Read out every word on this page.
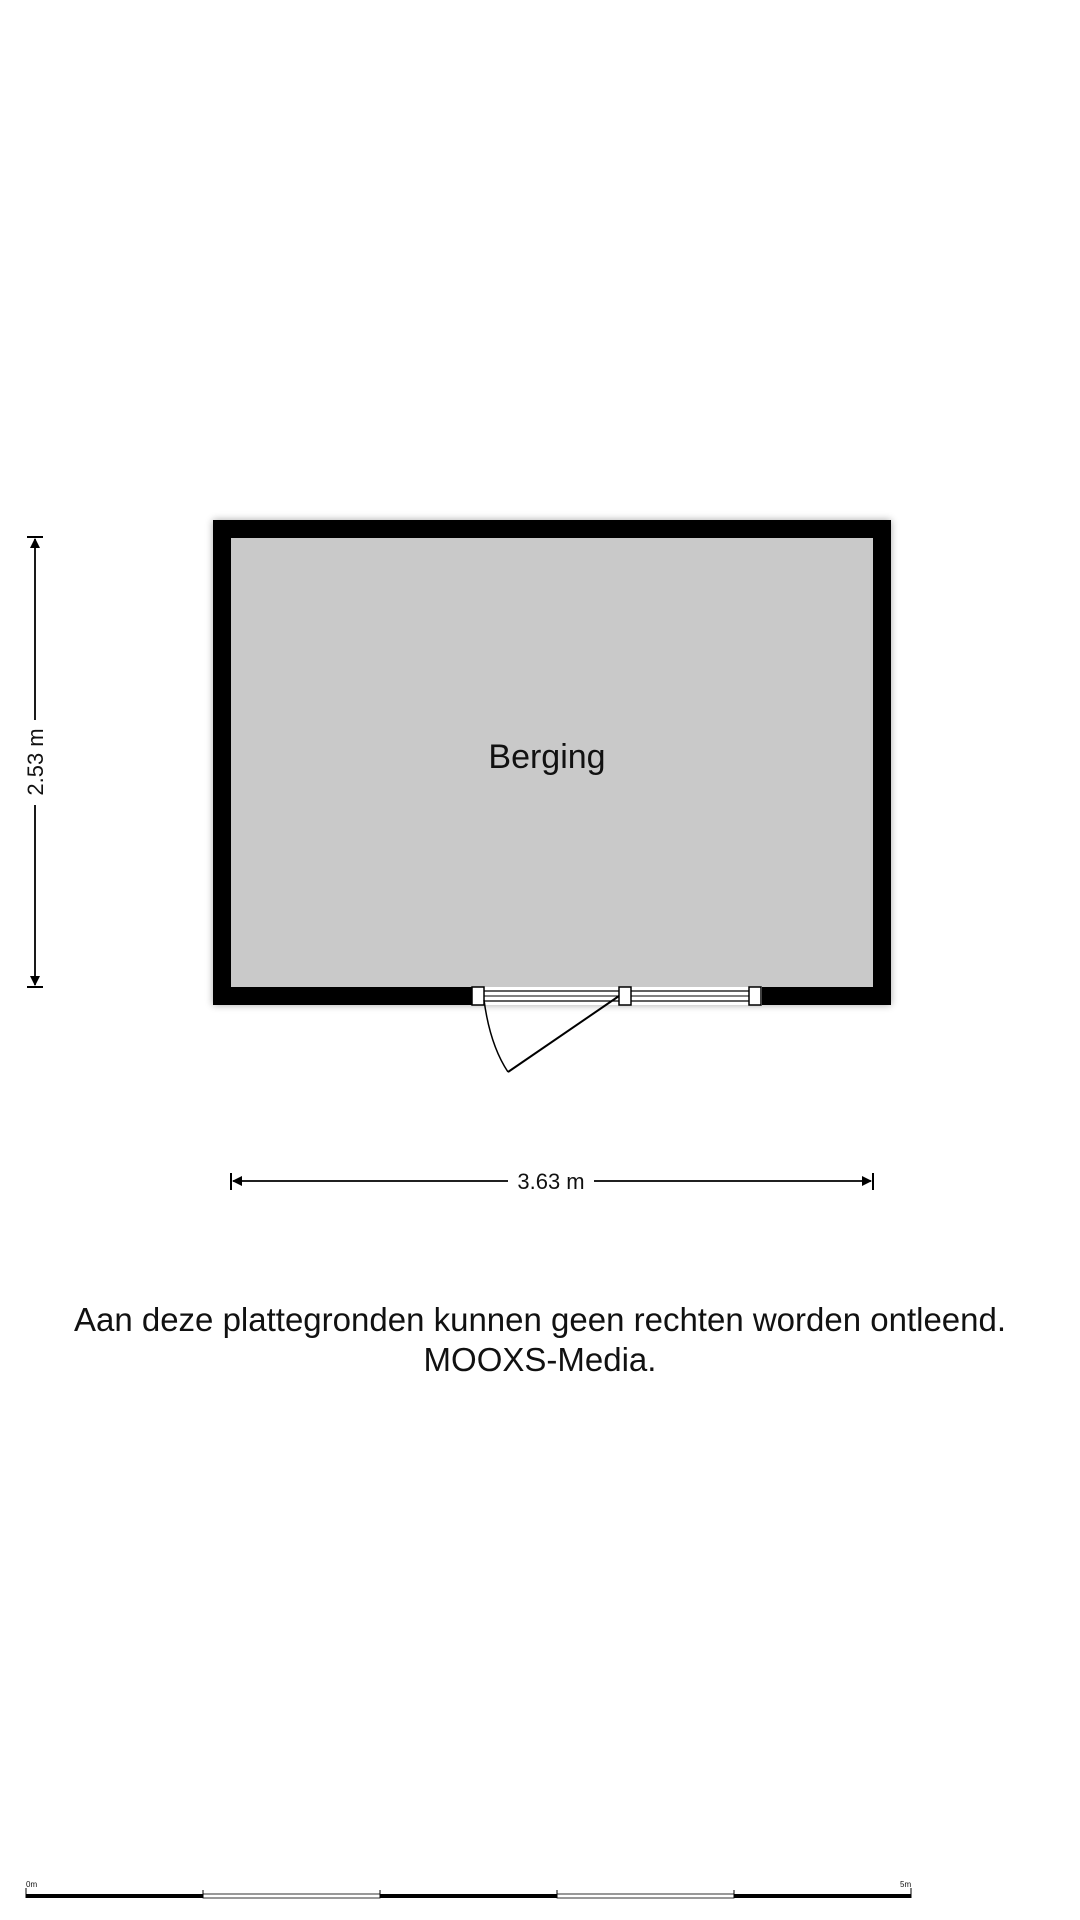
Berging
2.53 m
3.63 m
0m	5m
Aan deze plattegronden kunnen geen rechten worden ontleend.
MOOXS-Media.
